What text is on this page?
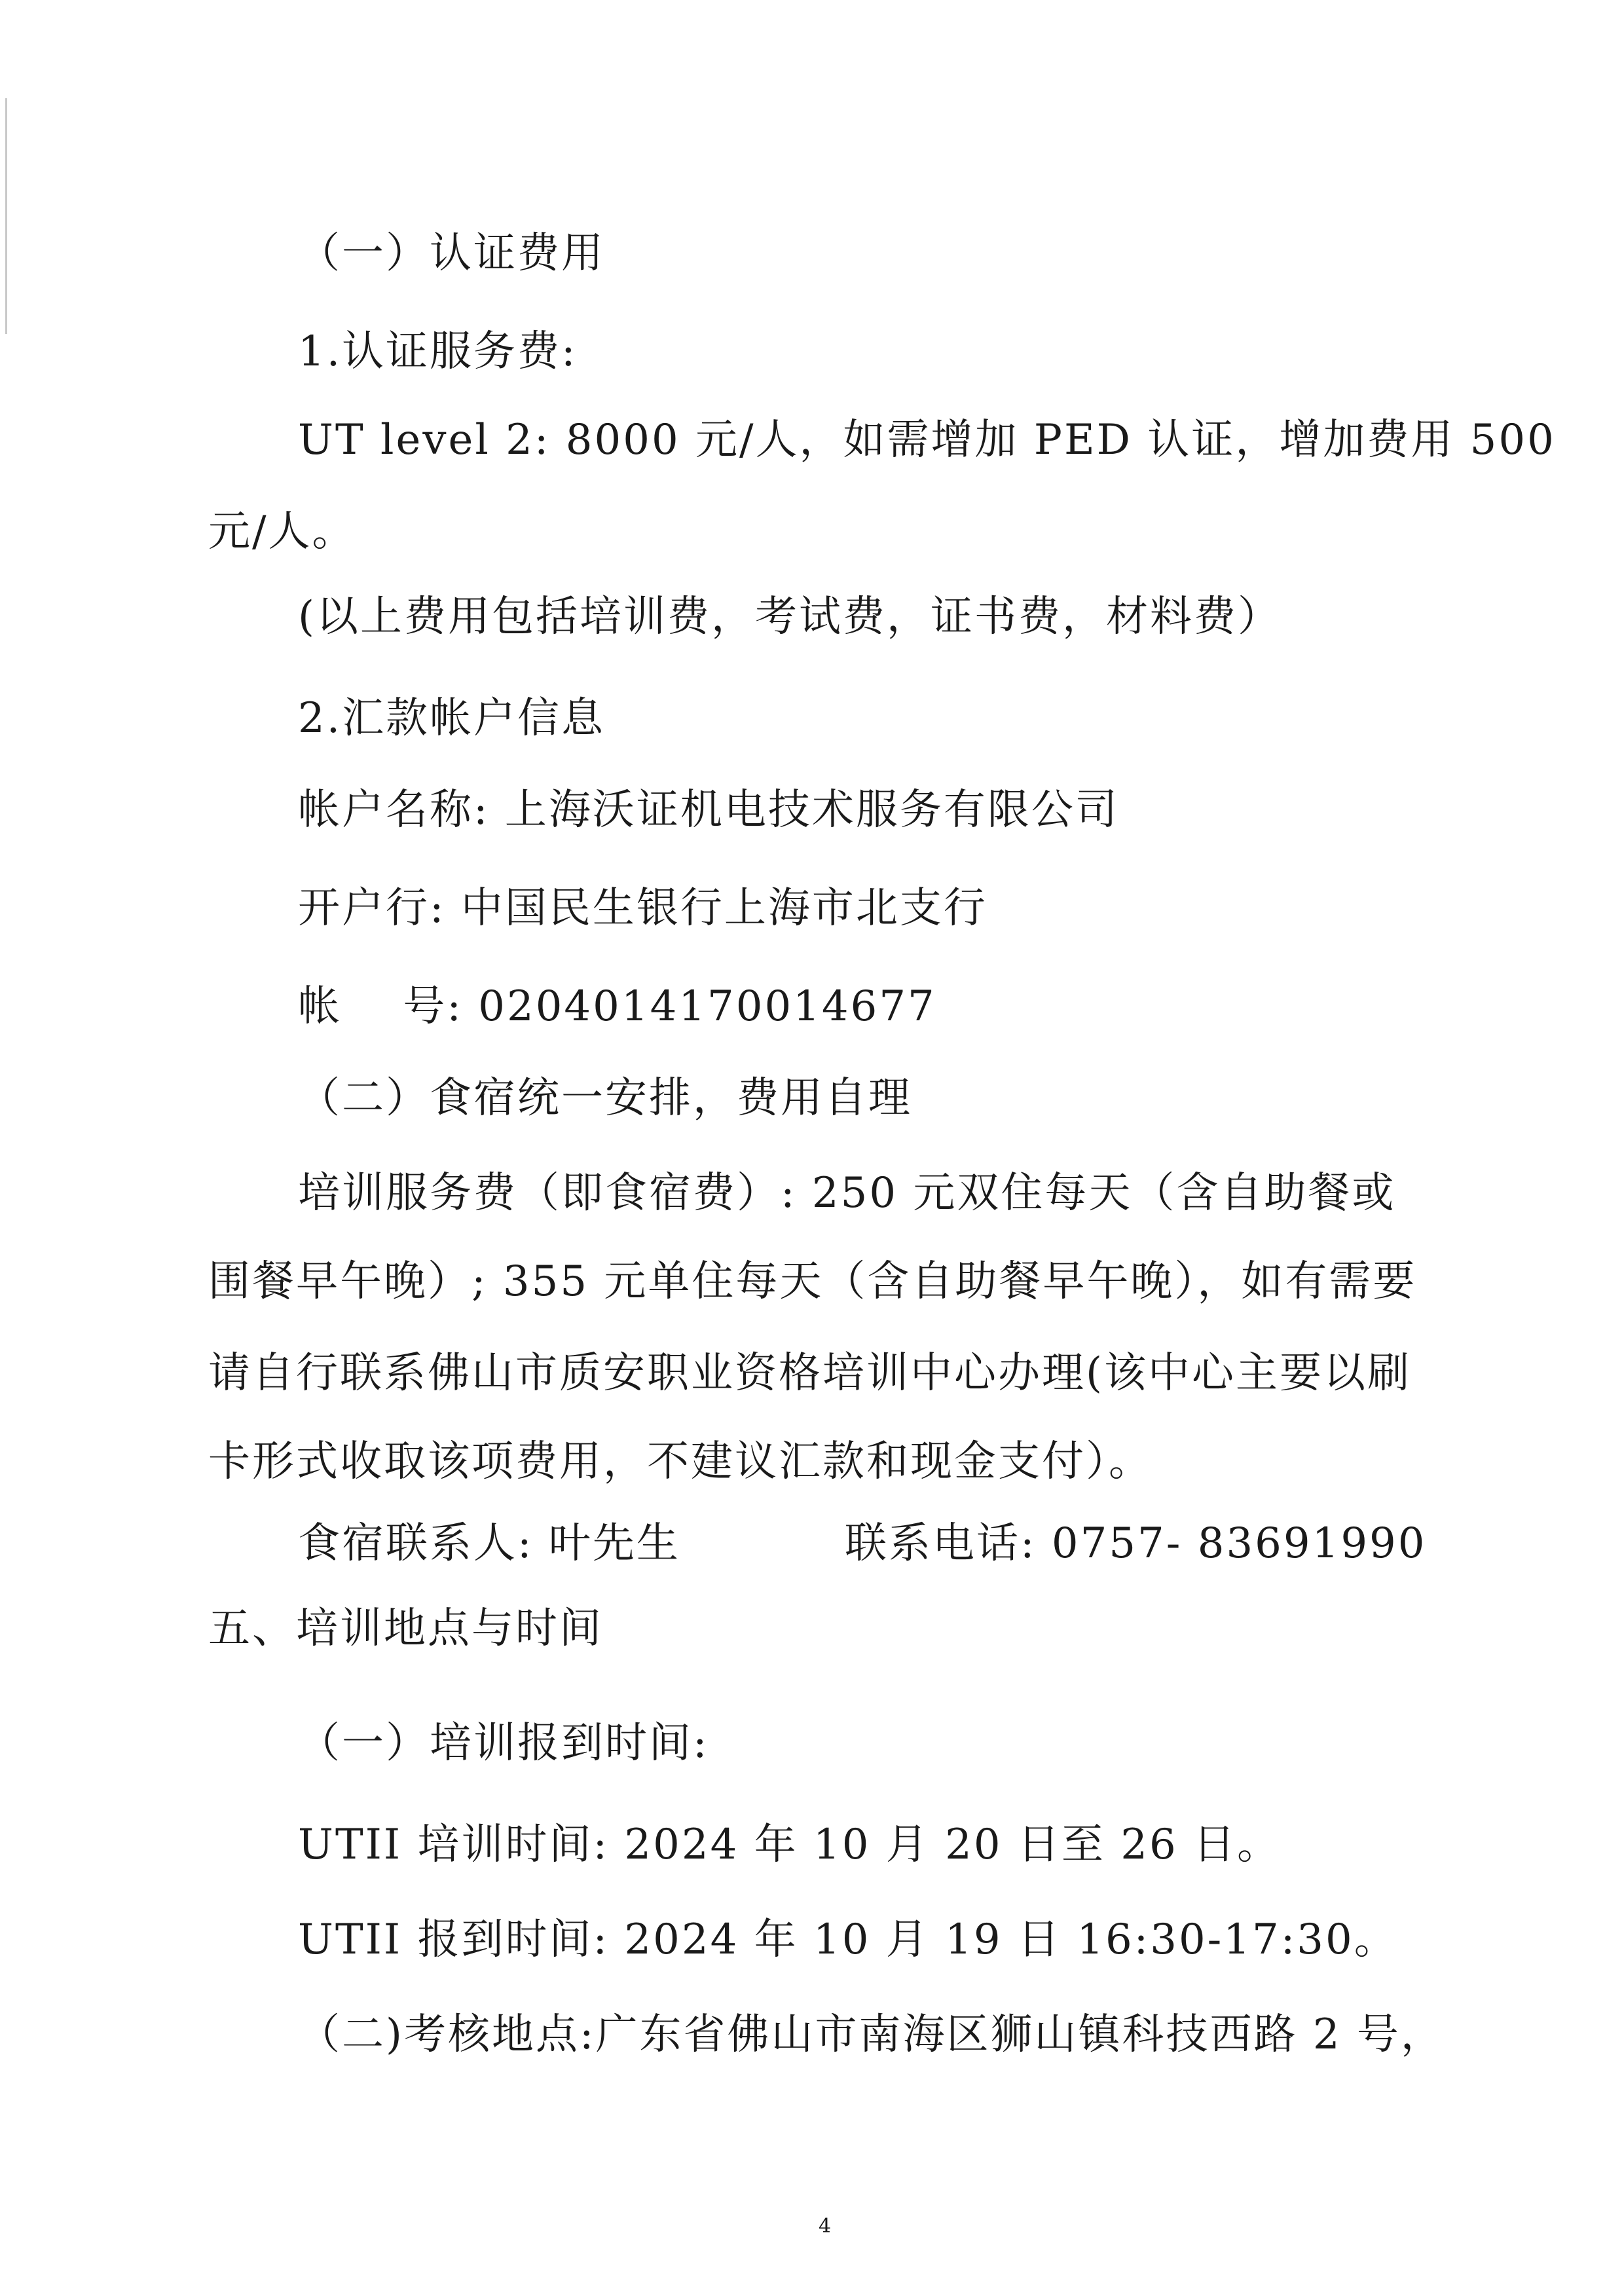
（一）认证费用
1.认证服务费:
UT level 2: 8000 元/人，如需增加 PED 认证，增加费用 500
元/人。
(以上费用包括培训费，考试费，证书费，材料费）
2.汇款帐户信息
帐户名称: 上海沃证机电技术服务有限公司
开户行: 中国民生银行上海市北支行
帐    号: 0204014170014677
（二）食宿统一安排，费用自理
培训服务费（即食宿费）: 250 元双住每天（含自助餐或
围餐早午晚）; 355 元单住每天（含自助餐早午晚），如有需要
请自行联系佛山市质安职业资格培训中心办理(该中心主要以刷
卡形式收取该项费用，不建议汇款和现金支付）。
食宿联系人: 叶先生	联系电话: 0757- 83691990
五、培训地点与时间
（一）培训报到时间:
UTII 培训时间: 2024 年 10 月 20 日至 26 日。
UTII 报到时间: 2024 年 10 月 19 日 16:30-17:30。
（二)考核地点:广东省佛山市南海区狮山镇科技西路 2 号，
4
